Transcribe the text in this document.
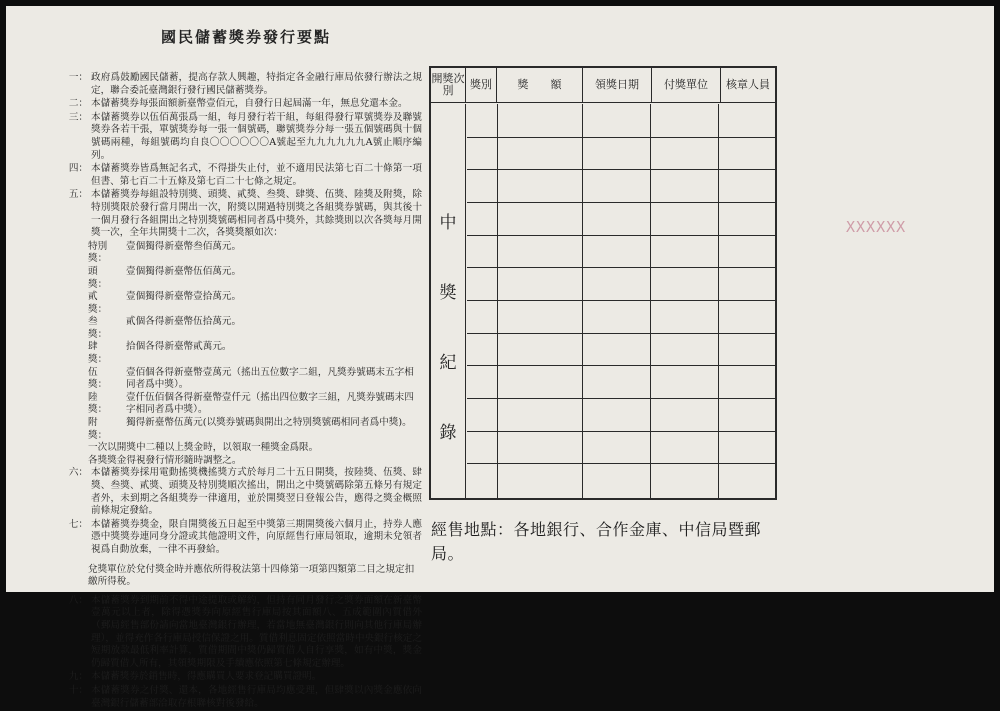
XXXXXX
國民儲蓄獎券發行要點
一： 政府爲鼓勵國民儲蓄，提高存款人興趣，特指定各金融行庫局依發行辦法之規定，聯合委託臺灣銀行發行國民儲蓄獎券。
二： 本儲蓄獎券每張面額新臺幣壹佰元，自發行日起屆滿一年，無息兌還本金。
三： 本儲蓄獎券以伍佰萬張爲一組，每月發行若干組，每組得發行單號獎券及聯號獎券各若干張，單號獎券每一張一個號碼，聯號獎券分每一張五個號碼與十個號碼兩種，每組號碼均自良〇〇〇〇〇〇A號起至九九九九九九A號止順序編列。
四： 本儲蓄獎券皆爲無記名式，不得掛失止付，並不適用民法第七百二十條第一項但書、第七百二十五條及第七百二十七條之規定。
五： 本儲蓄獎券每組設特別獎、頭獎、貳獎、叁獎、肆獎、伍獎、陸獎及附獎，除特別獎限於發行當月開出一次，附獎以開過特別獎之各組獎券號碼，與其後十一個月發行各組開出之特別獎號碼相同者爲中獎外，其餘獎則以次各獎每月開獎一次，全年共開獎十二次，各獎獎額如次：
特別獎：
壹個獨得新臺幣叁佰萬元。
頭　獎：
壹個獨得新臺幣伍佰萬元。
貳　獎：
壹個獨得新臺幣壹拾萬元。
叁　獎：
貳個各得新臺幣伍拾萬元。
肆　獎：
拾個各得新臺幣貳萬元。
伍　獎：
壹佰個各得新臺幣壹萬元（搖出五位數字二組，凡獎券號碼末五字相同者爲中獎）。
陸　獎：
壹仟伍佰個各得新臺幣壹仟元（搖出四位數字三組，凡獎券號碼末四字相同者爲中獎）。
附　獎：
獨得新臺幣伍萬元(以獎券號碼與開出之特別獎號碼相同者爲中獎)。
一次以開獎中二種以上獎金時，以領取一種獎金爲限。
各獎獎金得視發行情形隨時調整之。
六： 本儲蓄獎券採用電動搖獎機搖獎方式於每月二十五日開獎，按陸獎、伍獎、肆獎、叁獎、貳獎、頭獎及特別獎順次搖出，開出之中獎號碼除第五條另有規定者外，未到期之各組獎券一律適用，並於開獎翌日登報公告，應得之獎金概照前條規定發給。
七： 本儲蓄獎券獎金，限自開獎後五日起至中獎第三期開獎後六個月止，持券人應憑中獎獎券連同身分證或其他證明文件，向原經售行庫局領取，逾期未兌領者視爲自動放棄，一律不再發給。
兌獎單位於兌付獎金時并應依所得稅法第十四條第一項第四類第二目之規定扣繳所得稅。
八： 本儲蓄獎券到期前不得中途提取或解約，但持有同月發行之獎券面額在新臺幣壹萬元以上者，除得憑獎券向原經售行庫局按其面額八、五成範圍內質借外（郵局經售部份請向當地臺灣銀行辦理，若當地無臺灣銀行則向其他行庫局辦理），並得充作各行庫局授信保證之用。質借利息固定依照當時中央銀行核定之短期放款最低利率計算，質借期間中獎仍歸質借人自行享獎，如有中獎，獎金仍歸質借人所有，其領獎期限及手續應依照第七條規定辦理。
九： 本儲蓄獎券於銷售時，得應購買人要求登記購買證明。
十： 本儲蓄獎券之付獎、還本，各地經售行庫局均應受理，但肆獎以內獎金應依向臺灣銀行儲蓄部洽取存根聯核對後發給。
開獎次別	獎別	獎　　額	領獎日期	付獎單位	核章人員
中
獎
紀
錄
經售地點：各地銀行、合作金庫、中信局暨郵局。
